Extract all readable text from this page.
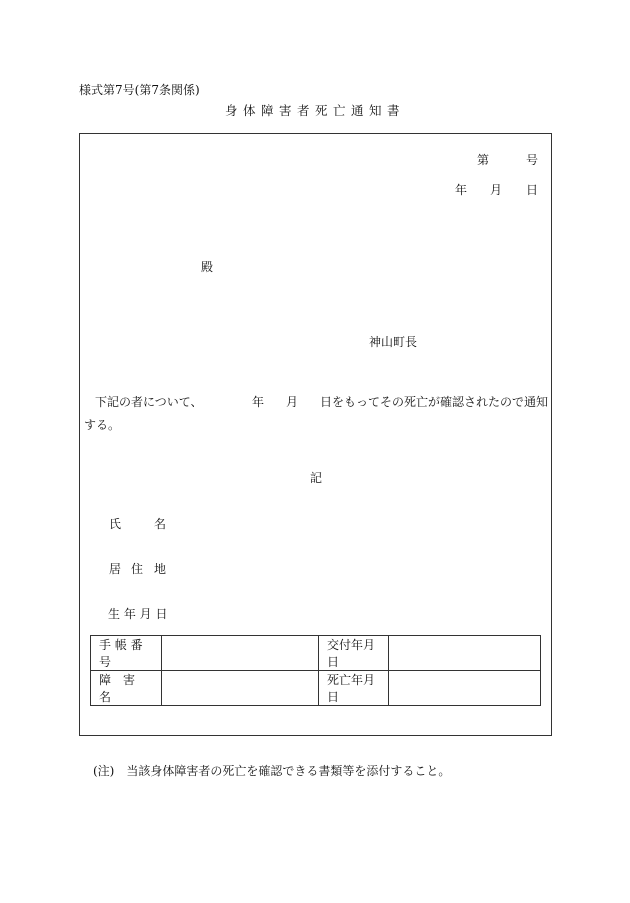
様式第7号(第7条関係)
身体障害者死亡通知書
第	号
年 月 日
殿
神山町長
下記の者について、	年 月 日をもってその死亡が確認されたので通知
する。
記
氏	名
居 住 地
生 年 月 日
手 帳 番 号		交付年月日	
障　害　名		死亡年月日	
(注)　当該身体障害者の死亡を確認できる書類等を添付すること。
